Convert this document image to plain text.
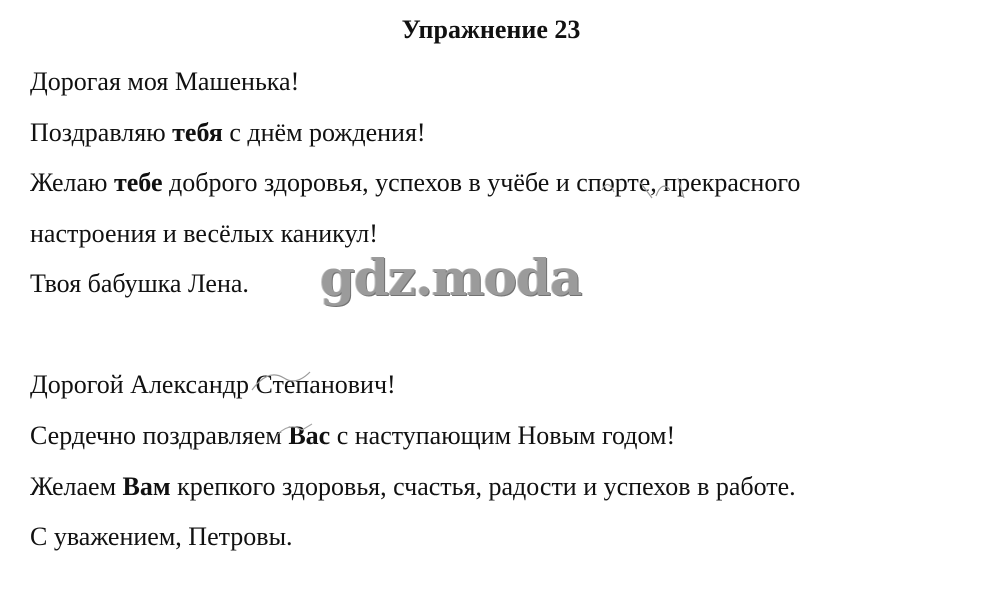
Упражнение 23

Дорогая моя Машенька!

Поздравляю тебя с днём рождения!

Желаю тебе доброго здоровья, успехов в учёбе и спорте, прекрасного

настроения и весёлых каникул!

Твоя бабушка Лена.

Дорогой Александр Степанович!

Сердечно поздравляем Вас с наступающим Новым годом!

Желаем Вам крепкого здоровья, счастья, радости и успехов в работе.

С уважением, Петровы.

gdz.moda
